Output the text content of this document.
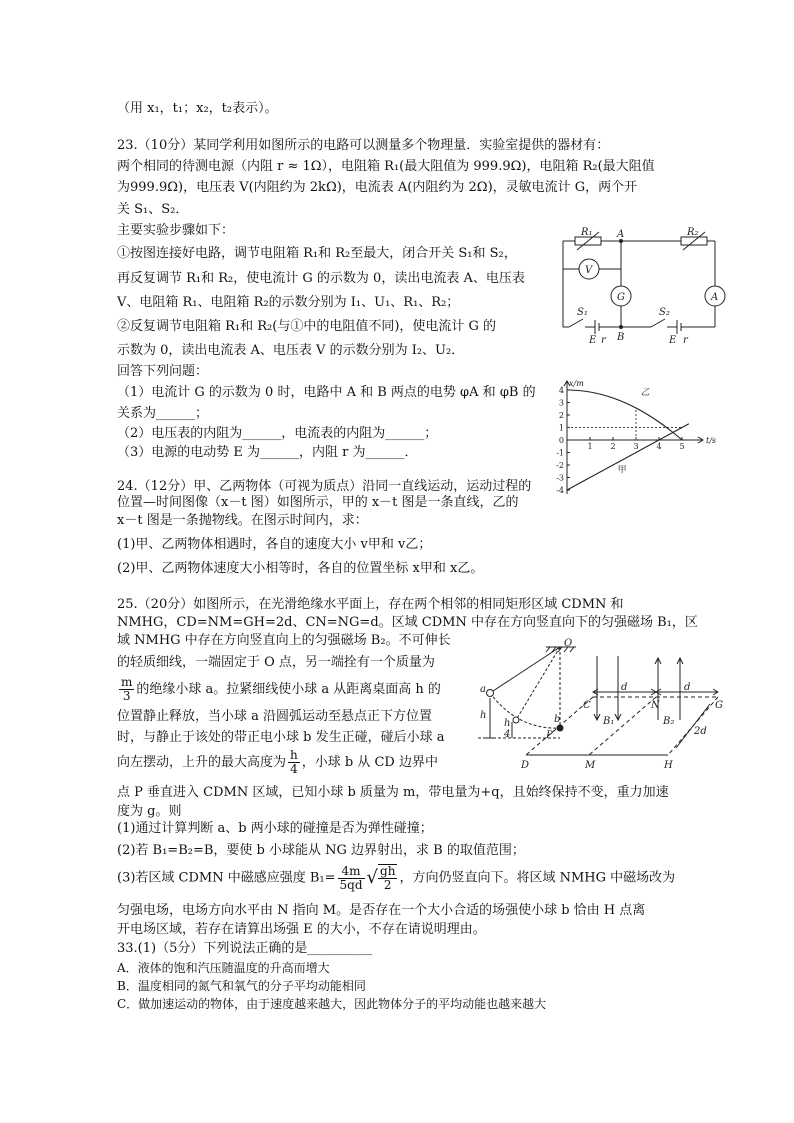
（用 x₁，t₁；x₂，t₂表示）。
23.（10分）某同学利用如图所示的电路可以测量多个物理量．实验室提供的器材有：
两个相同的待测电源（内阻 r ≈ 1Ω），电阻箱 R₁(最大阻值为 999.9Ω)，电阻箱 R₂(最大阻值
为999.9Ω)，电压表 V(内阻约为 2kΩ)，电流表 A(内阻约为 2Ω)，灵敏电流计 G，两个开
关 S₁、S₂．
主要实验步骤如下：
①按图连接好电路，调节电阻箱 R₁和 R₂至最大，闭合开关 S₁和 S₂，
再反复调节 R₁和 R₂，使电流计 G 的示数为 0，读出电流表 A、电压表
V、电阻箱 R₁、电阻箱 R₂的示数分别为 I₁、U₁、R₁、R₂；
②反复调节电阻箱 R₁和 R₂(与①中的电阻值不同)，使电流计 G 的
示数为 0，读出电流表 A、电压表 V 的示数分别为 I₂、U₂．
回答下列问题：
（1）电流计 G 的示数为 0 时，电路中 A 和 B 两点的电势 φA 和 φB 的
关系为______；
（2）电压表的内阻为______，电流表的内阻为______；
（3）电源的电动势 E 为______，内阻 r 为______．
24.（12分）甲、乙两物体（可视为质点）沿同一直线运动，运动过程的
位置—时间图像（x－t 图）如图所示，甲的 x－t 图是一条直线，乙的
x－t 图是一条抛物线。在图示时间内，求：
(1)甲、乙两物体相遇时，各自的速度大小 v甲和 v乙；
(2)甲、乙两物体速度大小相等时，各自的位置坐标 x甲和 x乙。
25.（20分）如图所示，在光滑绝缘水平面上，存在两个相邻的相同矩形区域 CDMN 和
NMHG，CD=NM=GH=2d、CN=NG=d。区域 CDMN 中存在方向竖直向下的匀强磁场 B₁，区
域 NMHG 中存在方向竖直向上的匀强磁场 B₂。不可伸长
的轻质细线，一端固定于 O 点，另一端拴有一个质量为
$\frac{m}{3}$ 的绝缘小球 a。拉紧细线使小球 a 从距离桌面高 h 的
位置静止释放，当小球 a 沿圆弧运动至悬点正下方位置
时，与静止于该处的带正电小球 b 发生正碰，碰后小球 a
向左摆动，上升的最大高度为 $\frac{h}{4}$ ，小球 b 从 CD 边界中
点 P 垂直进入 CDMN 区域，已知小球 b 质量为 m，带电量为+q，且始终保持不变，重力加速
度为 g。则
(1)通过计算判断 a、b 两小球的碰撞是否为弹性碰撞；
(2)若 B₁=B₂=B，要使 b 小球能从 NG 边界射出，求 B 的取值范围；
(3)若区域 CDMN 中磁感应强度 $B_1= \frac{4m}{5qd}$ √ $\frac{gh}{2}$ ，方向仍竖直向下。将区域 NMHG 中磁场改为
匀强电场，电场方向水平由 N 指向 M。是否存在一个大小合适的场强使小球 b 恰由 H 点离
开电场区域，若存在请算出场强 E 的大小，不存在请说明理由。
33.(1)（5分）下列说法正确的是__________
A．液体的饱和汽压随温度的升高而增大
B．温度相同的氮气和氧气的分子平均动能相同
C．做加速运动的物体，由于速度越来越大，因此物体分子的平均动能也越来越大
R₁	R₂
A
B
V
G	A
S₁	S₂
E r	E r
x/m
t/s
4
3
2
1
0
-1
-2
-3
-4
1 2 3 4 5
乙
甲
O
a
b
h
h
4	P
C	N	G
D	M	H
d	d
B₁	B₂
2d
